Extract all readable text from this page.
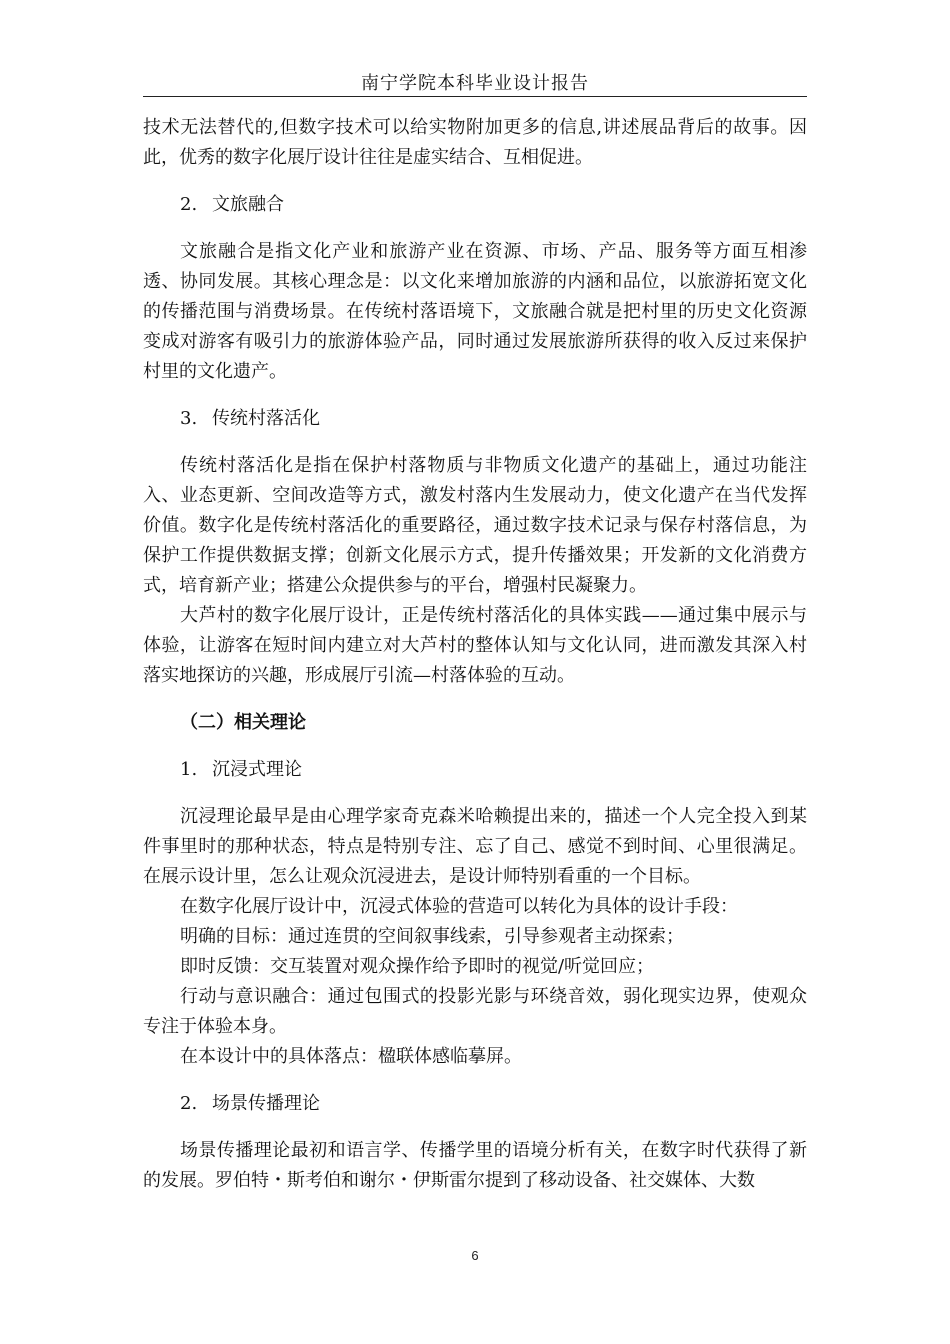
南宁学院本科毕业设计报告

技术无法替代的,但数字技术可以给实物附加更多的信息,讲述展品背后的故事。因此，优秀的数字化展厅设计往往是虚实结合、互相促进。

2. 文旅融合

文旅融合是指文化产业和旅游产业在资源、市场、产品、服务等方面互相渗透、协同发展。其核心理念是：以文化来增加旅游的内涵和品位，以旅游拓宽文化的传播范围与消费场景。在传统村落语境下，文旅融合就是把村里的历史文化资源变成对游客有吸引力的旅游体验产品，同时通过发展旅游所获得的收入反过来保护村里的文化遗产。

3. 传统村落活化

传统村落活化是指在保护村落物质与非物质文化遗产的基础上，通过功能注入、业态更新、空间改造等方式，激发村落内生发展动力，使文化遗产在当代发挥价值。数字化是传统村落活化的重要路径，通过数字技术记录与保存村落信息，为保护工作提供数据支撑；创新文化展示方式，提升传播效果；开发新的文化消费方式，培育新产业；搭建公众提供参与的平台，增强村民凝聚力。

大芦村的数字化展厅设计，正是传统村落活化的具体实践——通过集中展示与体验，让游客在短时间内建立对大芦村的整体认知与文化认同，进而激发其深入村落实地探访的兴趣，形成展厅引流—村落体验的互动。

（二）相关理论
1. 沉浸式理论

沉浸理论最早是由心理学家奇克森米哈赖提出来的，描述一个人完全投入到某件事里时的那种状态，特点是特别专注、忘了自己、感觉不到时间、心里很满足。在展示设计里，怎么让观众沉浸进去，是设计师特别看重的一个目标。

在数字化展厅设计中，沉浸式体验的营造可以转化为具体的设计手段：

明确的目标：通过连贯的空间叙事线索，引导参观者主动探索；

即时反馈：交互装置对观众操作给予即时的视觉/听觉回应；

行动与意识融合：通过包围式的投影光影与环绕音效，弱化现实边界，使观众专注于体验本身。

在本设计中的具体落点：楹联体感临摹屏。

2. 场景传播理论

场景传播理论最初和语言学、传播学里的语境分析有关，在数字时代获得了新的发展。罗伯特・斯考伯和谢尔・伊斯雷尔提到了移动设备、社交媒体、大数

6
